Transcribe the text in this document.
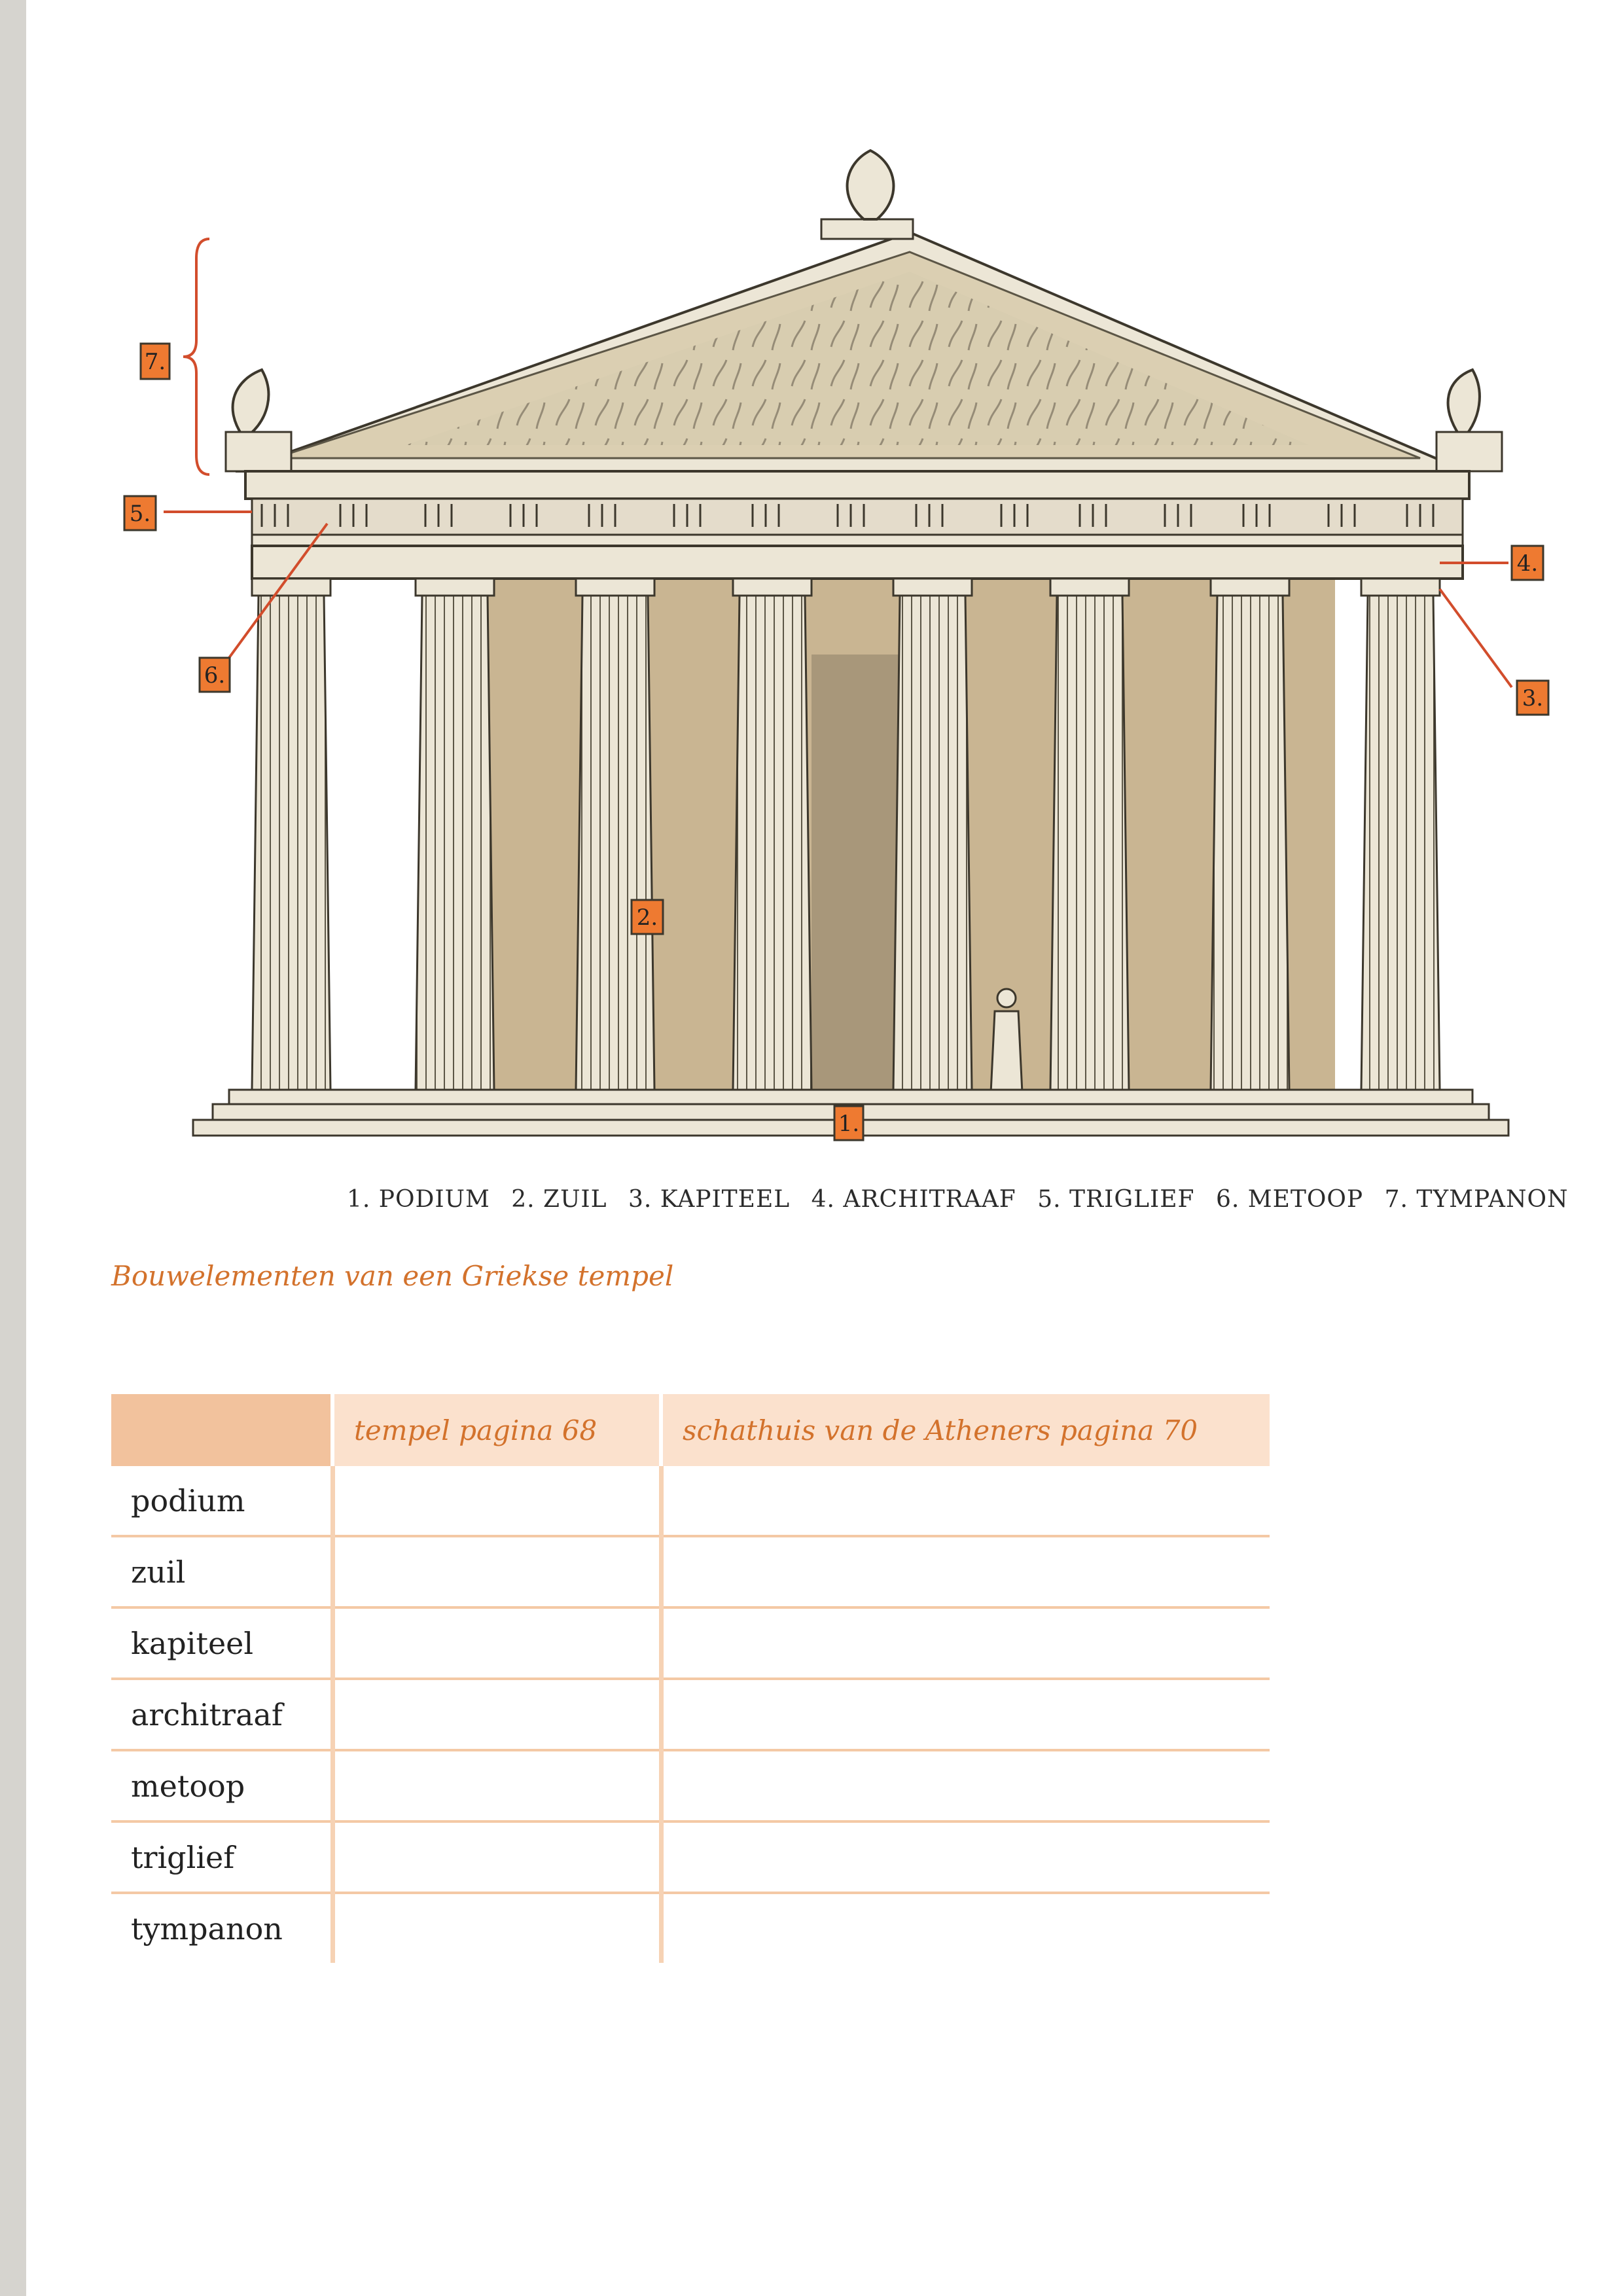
7.
5.
6.
4.
3.
2.
1.
1. PODIUM 2. ZUIL 3. KAPITEEL 4. ARCHITRAAF 5. TRIGLIEF 6. METOOP 7. TYMPANON
Bouwelementen van een Griekse tempel
	tempel pagina 68	schathuis van de Atheners pagina 70
podium		
zuil		
kapiteel		
architraaf		
metoop		
triglief		
tympanon		
